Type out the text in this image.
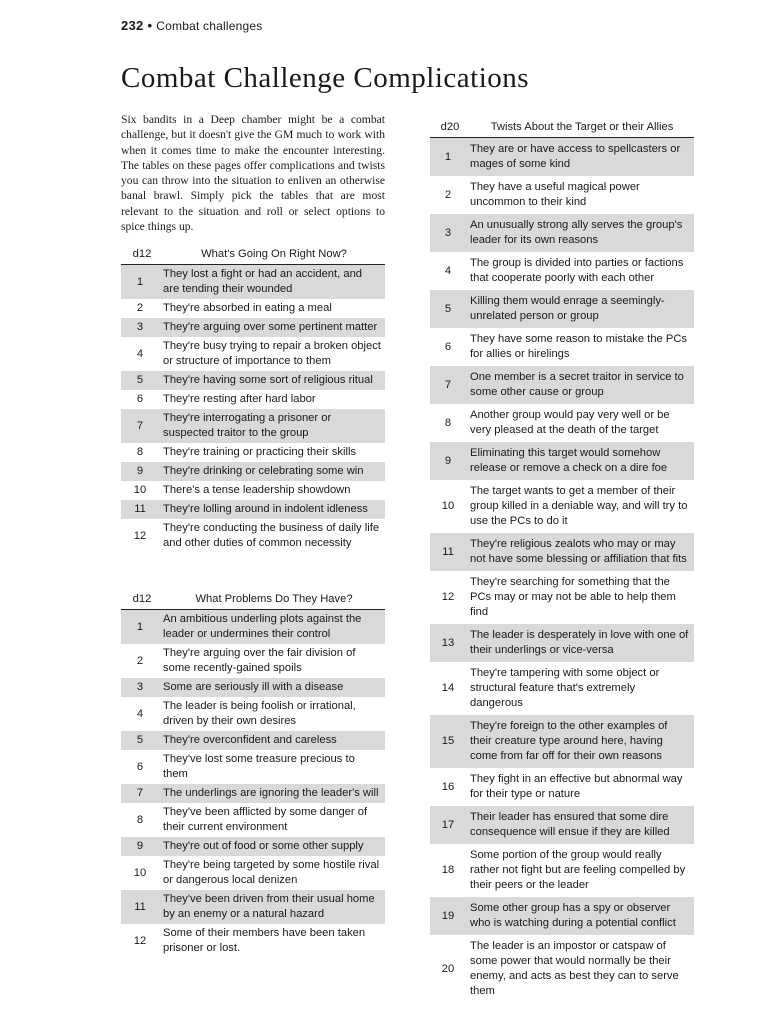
232 • Combat challenges
Combat Challenge Complications

Six bandits in a Deep chamber might be a combat challenge, but it doesn't give the GM much to work with when it comes time to make the encounter interesting. The tables on these pages offer complications and twists you can throw into the situation to enliven an otherwise banal brawl. Simply pick the tables that are most relevant to the situation and roll or select options to spice things up.

d12	What's Going On Right Now?
1	They lost a fight or had an accident, and are tending their wounded
2	They're absorbed in eating a meal
3	They're arguing over some pertinent matter
4	They're busy trying to repair a broken object or structure of importance to them
5	They're having some sort of religious ritual
6	They're resting after hard labor
7	They're interrogating a prisoner or suspected traitor to the group
8	They're training or practicing their skills
9	They're drinking or celebrating some win
10	There's a tense leadership showdown
11	They're lolling around in indolent idleness
12	They're conducting the business of daily life and other duties of common necessity
d12	What Problems Do They Have?
1	An ambitious underling plots against the leader or undermines their control
2	They're arguing over the fair division of some recently-gained spoils
3	Some are seriously ill with a disease
4	The leader is being foolish or irrational, driven by their own desires
5	They're overconfident and careless
6	They've lost some treasure precious to them
7	The underlings are ignoring the leader's will
8	They've been afflicted by some danger of their current environment
9	They're out of food or some other supply
10	They're being targeted by some hostile rival or dangerous local denizen
11	They've been driven from their usual home by an enemy or a natural hazard
12	Some of their members have been taken prisoner or lost.
d20	Twists About the Target or their Allies
1	They are or have access to spellcasters or mages of some kind
2	They have a useful magical power uncommon to their kind
3	An unusually strong ally serves the group's leader for its own reasons
4	The group is divided into parties or factions that cooperate poorly with each other
5	Killing them would enrage a seemingly-unrelated person or group
6	They have some reason to mistake the PCs for allies or hirelings
7	One member is a secret traitor in service to some other cause or group
8	Another group would pay very well or be very pleased at the death of the target
9	Eliminating this target would somehow release or remove a check on a dire foe
10	The target wants to get a member of their group killed in a deniable way, and will try to use the PCs to do it
11	They're religious zealots who may or may not have some blessing or affiliation that fits
12	They're searching for something that the PCs may or may not be able to help them find
13	The leader is desperately in love with one of their underlings or vice-versa
14	They're tampering with some object or structural feature that's extremely dangerous
15	They're foreign to the other examples of their creature type around here, having come from far off for their own reasons
16	They fight in an effective but abnormal way for their type or nature
17	Their leader has ensured that some dire consequence will ensue if they are killed
18	Some portion of the group would really rather not fight but are feeling compelled by their peers or the leader
19	Some other group has a spy or observer who is watching during a potential conflict
20	The leader is an impostor or catspaw of some power that would normally be their enemy, and acts as best they can to serve them
